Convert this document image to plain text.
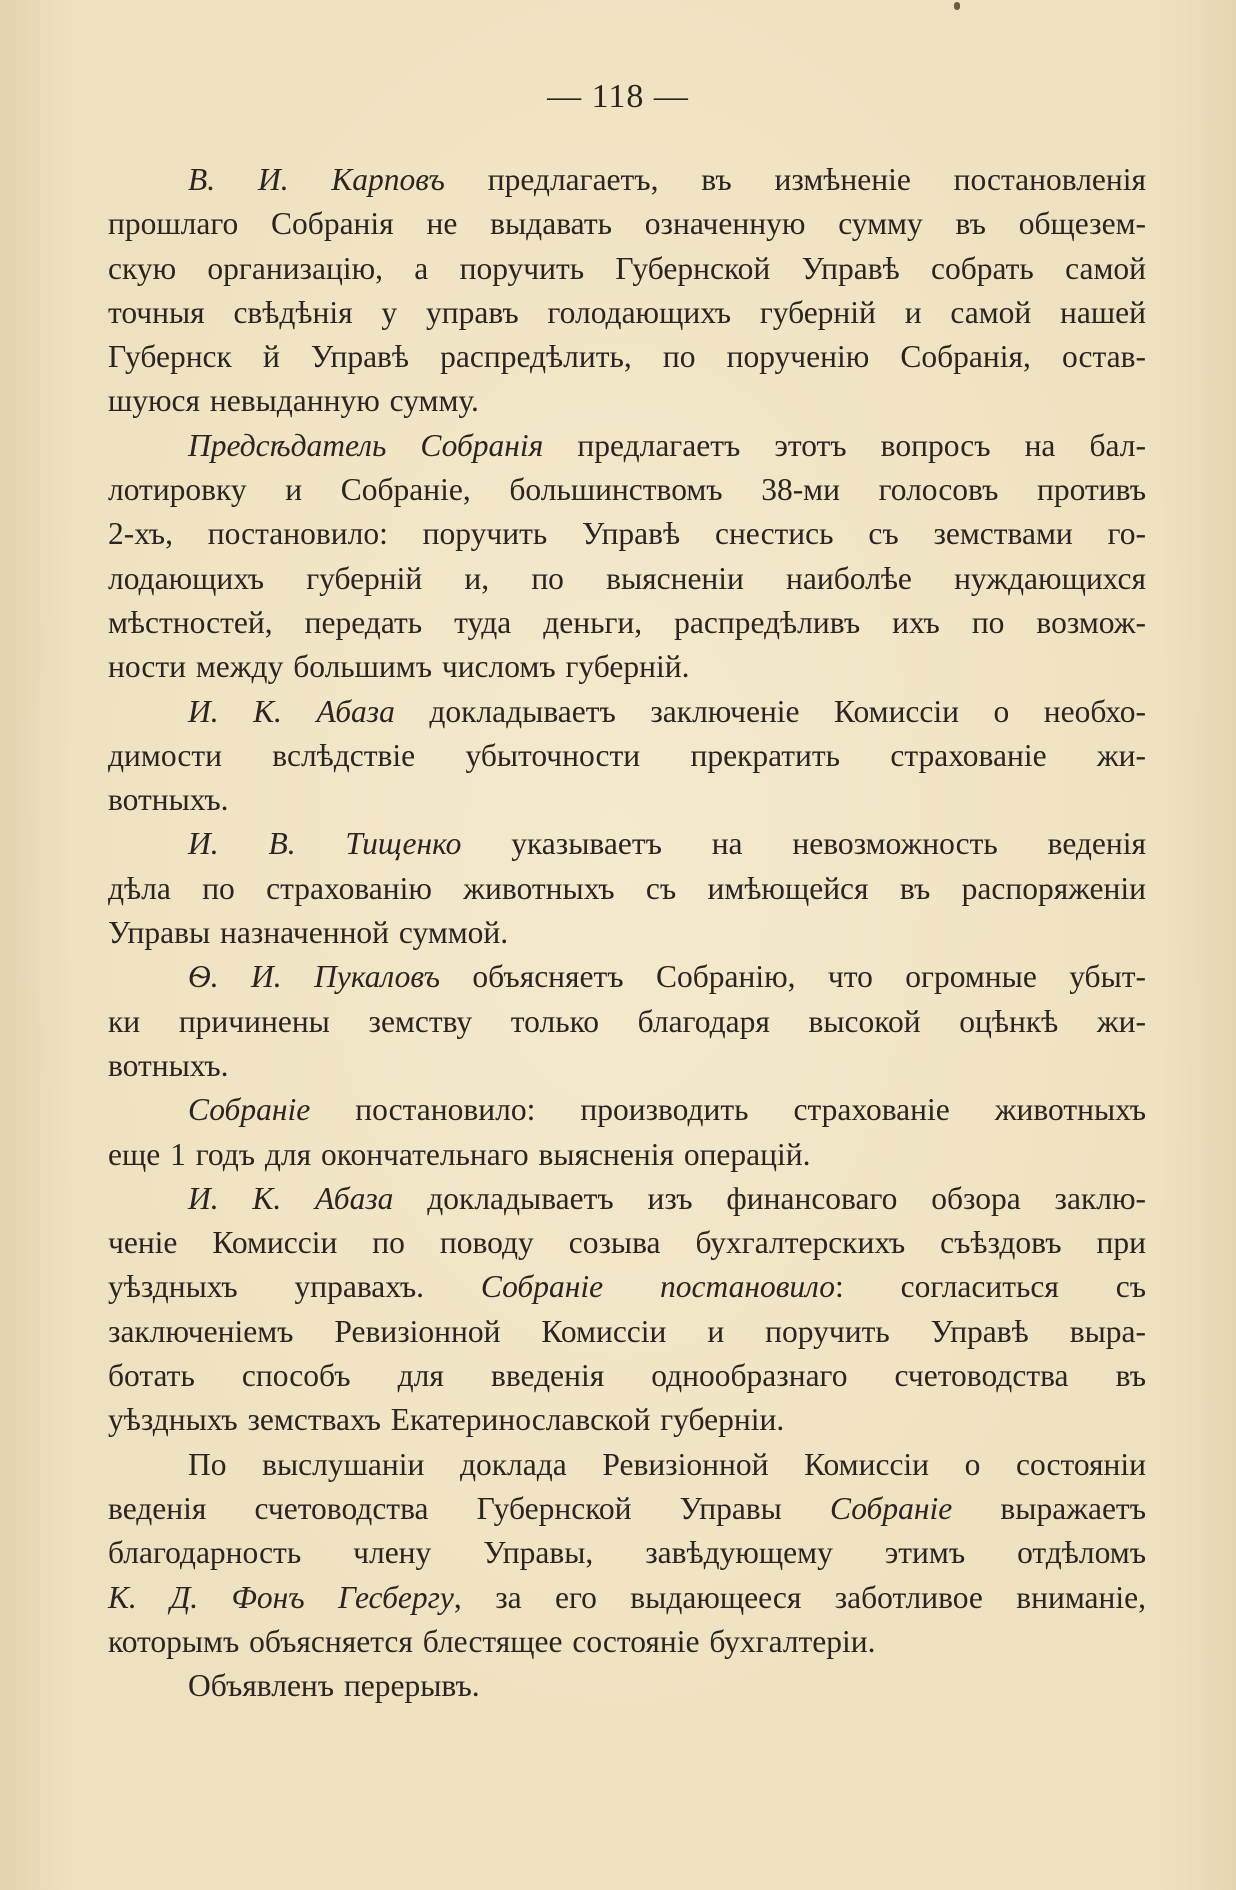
— 118 —
В. И. Карповъ предлагаетъ, въ измѣненіе постановленія
прошлаго Собранія не выдавать означенную сумму въ общезем-
скую организацію, а поручить Губернской Управѣ собрать самой
точныя свѣдѣнія у управъ голодающихъ губерній и самой нашей
Губернск й Управѣ распредѣлить, по порученію Собранія, остав-
шуюся невыданную сумму.
Предсѣдатель Собранія предлагаетъ этотъ вопросъ на бал-
лотировку и Собраніе, большинствомъ 38-ми голосовъ противъ
2-хъ, постановило: поручить Управѣ снестись съ земствами го-
лодающихъ губерній и, по выясненіи наиболѣе нуждающихся
мѣстностей, передать туда деньги, распредѣливъ ихъ по возмож-
ности между большимъ числомъ губерній.
И. К. Абаза докладываетъ заключеніе Комиссіи о необхо-
димости вслѣдствіе убыточности прекратить страхованіе жи-
вотныхъ.
И. В. Тищенко указываетъ на невозможность веденія
дѣла по страхованію животныхъ съ имѣющейся въ распоряженіи
Управы назначенной суммой.
Ѳ. И. Пукаловъ объясняетъ Собранію, что огромные убыт-
ки причинены земству только благодаря высокой оцѣнкѣ жи-
вотныхъ.
Собраніе постановило: производить страхованіе животныхъ
еще 1 годъ для окончательнаго выясненія операцій.
И. К. Абаза докладываетъ изъ финансоваго обзора заклю-
ченіе Комиссіи по поводу созыва бухгалтерскихъ съѣздовъ при
уѣздныхъ управахъ. Собраніе постановило: согласиться съ
заключеніемъ Ревизіонной Комиссіи и поручить Управѣ выра-
ботать способъ для введенія однообразнаго счетоводства въ
уѣздныхъ земствахъ Екатеринославской губерніи.
По выслушаніи доклада Ревизіонной Комиссіи о состояніи
веденія счетоводства Губернской Управы Собраніе выражаетъ
благодарность члену Управы, завѣдующему этимъ отдѣломъ
К. Д. Фонъ Гесбергу, за его выдающееся заботливое вниманіе,
которымъ объясняется блестящее состояніе бухгалтеріи.
Объявленъ перерывъ.
